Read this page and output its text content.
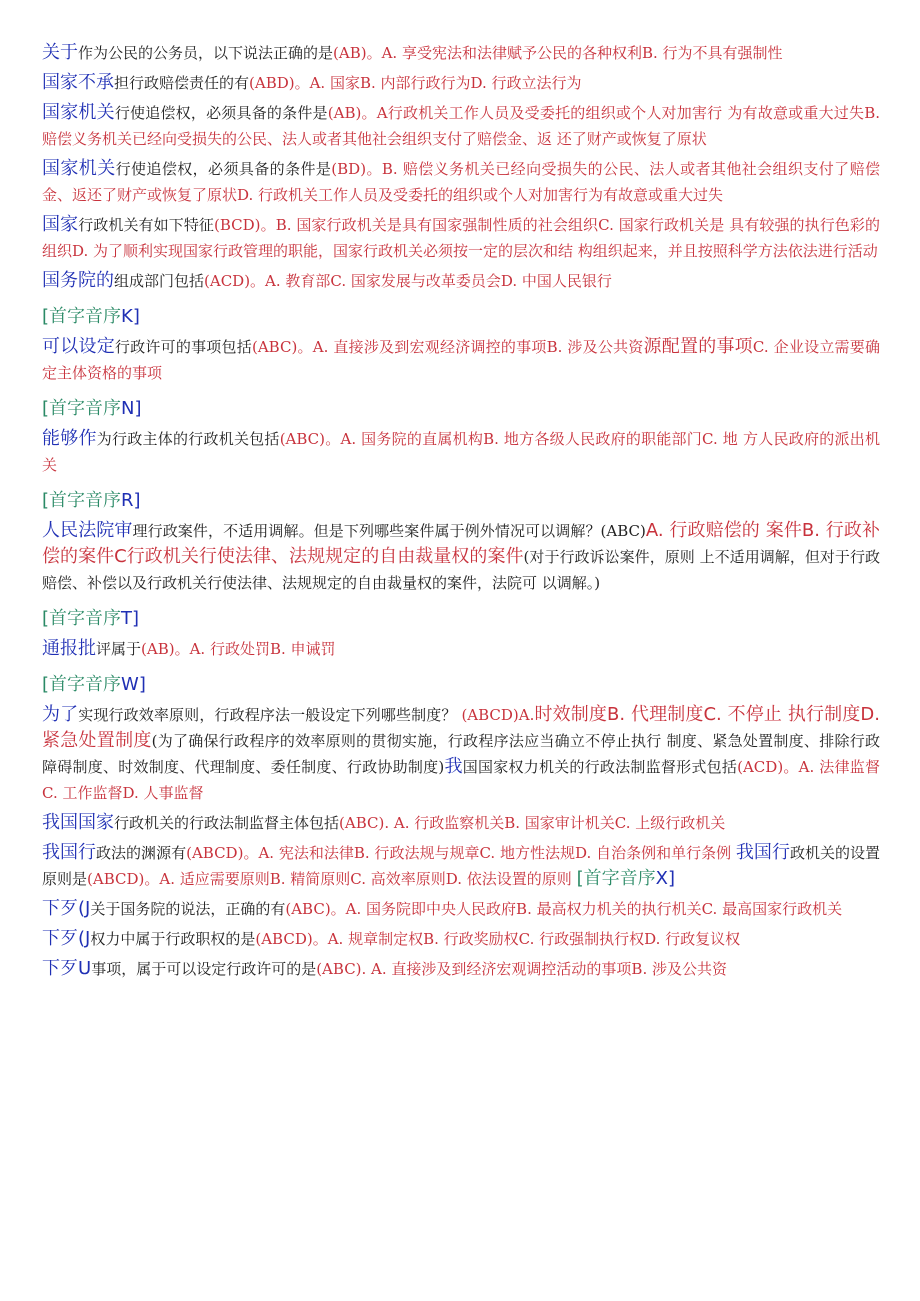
关于作为公民的公务员，以下说法正确的是(AB)。A. 享受宪法和法律赋予公民的各种权利B. 行为不具有强制性

国家不承担行政赔偿责任的有(ABD)。A. 国家B. 内部行政行为D. 行政立法行为

国家机关行使追偿权，必须具备的条件是(AB)。A行政机关工作人员及受委托的组织或个人对加害行 为有故意或重大过失B. 赔偿义务机关已经向受损失的公民、法人或者其他社会组织支付了赔偿金、返 还了财产或恢复了原状

国家机关行使追偿权，必须具备的条件是(BD)。B. 赔偿义务机关已经向受损失的公民、法人或者其他社会组织支付了赔偿金、返还了财产或恢复了原状D. 行政机关工作人员及受委托的组织或个人对加害行为有故意或重大过失

国家行政机关有如下特征(BCD)。B. 国家行政机关是具有国家强制性质的社会组织C. 国家行政机关是 具有较强的执行色彩的组织D. 为了顺利实现国家行政管理的职能，国家行政机关必须按一定的层次和结 构组织起来，并且按照科学方法依法进行活动

国务院的组成部门包括(ACD)。A. 教育部C. 国家发展与改革委员会D. 中国人民银行

[首字音序K]

可以设定行政许可的事项包括(ABC)。A. 直接涉及到宏观经济调控的事项B. 涉及公共资源配置的事项C. 企业设立需要确定主体资格的事项

[首字音序N]

能够作为行政主体的行政机关包括(ABC)。A. 国务院的直属机构B. 地方各级人民政府的职能部门C. 地 方人民政府的派出机关

[首字音序R]

人民法院审理行政案件，不适用调解。但是下列哪些案件属于例外情况可以调解？(ABC)A. 行政赔偿的 案件B. 行政补偿的案件C行政机关行使法律、法规规定的自由裁量权的案件(对于行政诉讼案件，原则 上不适用调解，但对于行政赔偿、补偿以及行政机关行使法律、法规规定的自由裁量权的案件，法院可 以调解。)

[首字音序T]

通报批评属于(AB)。A. 行政处罚B. 申诫罚

[首字音序W]

为了实现行政效率原则，行政程序法一般设定下列哪些制度？ (ABCD)A.时效制度B. 代理制度C. 不停止 执行制度D. 紧急处置制度(为了确保行政程序的效率原则的贯彻实施，行政程序法应当确立不停止执行 制度、紧急处置制度、排除行政障碍制度、时效制度、代理制度、委任制度、行政协助制度)我国国家权力机关的行政法制监督形式包括(ACD)。A. 法律监督C. 工作监督D. 人事监督

我国国家行政机关的行政法制监督主体包括(ABC). A. 行政监察机关B. 国家审计机关C. 上级行政机关

我国行政法的渊源有(ABCD)。A. 宪法和法律B. 行政法规与规章C. 地方性法规D. 自治条例和单行条例 我国行政机关的设置原则是(ABCD)。A. 适应需要原则B. 精简原则C. 高效率原则D. 依法设置的原则 [首字音序X]

下歹(J关于国务院的说法，正确的有(ABC)。A. 国务院即中央人民政府B. 最高权力机关的执行机关C. 最高国家行政机关

下歹(J权力中属于行政职权的是(ABCD)。A. 规章制定权B. 行政奖励权C. 行政强制执行权D. 行政复议权

下歹U事项，属于可以设定行政许可的是(ABC). A. 直接涉及到经济宏观调控活动的事项B. 涉及公共资
